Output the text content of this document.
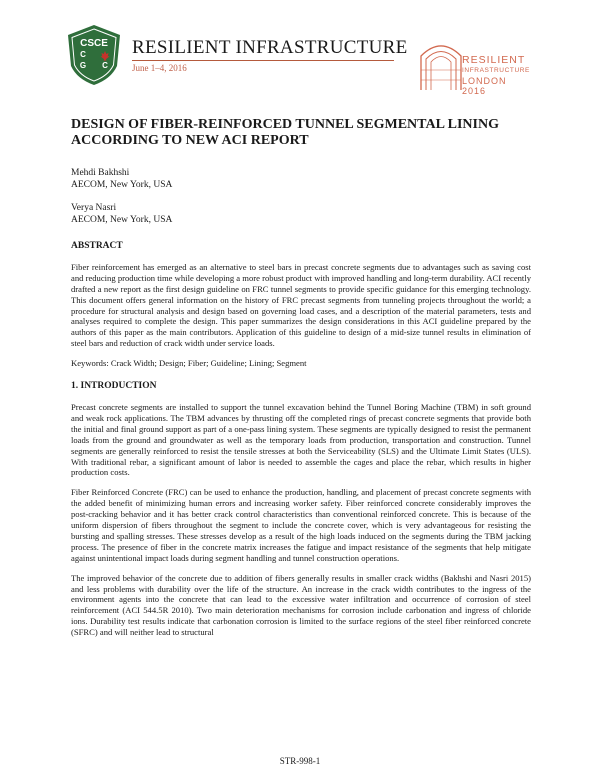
CSCE
C
G C
RESILIENT INFRASTRUCTURE
June 1–4, 2016
RESILIENT
INFRASTRUCTURE
LONDON 2016
DESIGN OF FIBER-REINFORCED TUNNEL SEGMENTAL LINING ACCORDING TO NEW ACI REPORT
Mehdi Bakhshi
AECOM, New York, USA
Verya Nasri
AECOM, New York, USA
ABSTRACT

Fiber reinforcement has emerged as an alternative to steel bars in precast concrete segments due to advantages such as saving cost and reducing production time while developing a more robust product with improved handling and long-term durability. ACI recently drafted a new report as the first design guideline on FRC tunnel segments to provide specific guidance for this emerging technology. This document offers general information on the history of FRC precast segments from tunneling projects throughout the world; a procedure for structural analysis and design based on governing load cases, and a description of the material parameters, tests and analyses required to complete the design. This paper summarizes the design considerations in this ACI guideline prepared by the authors of this paper as the main contributors. Application of this guideline to design of a mid-size tunnel results in elimination of steel bars and reduction of crack width under service loads.

Keywords: Crack Width; Design; Fiber; Guideline; Lining; Segment

1. INTRODUCTION

Precast concrete segments are installed to support the tunnel excavation behind the Tunnel Boring Machine (TBM) in soft ground and weak rock applications. The TBM advances by thrusting off the completed rings of precast concrete segments that provide both the initial and final ground support as part of a one-pass lining system. These segments are typically designed to resist the permanent loads from the ground and groundwater as well as the temporary loads from production, transportation and construction. Tunnel segments are generally reinforced to resist the tensile stresses at both the Serviceability (SLS) and the Ultimate Limit States (ULS). With traditional rebar, a significant amount of labor is needed to assemble the cages and place the rebar, which results in higher production costs.

Fiber Reinforced Concrete (FRC) can be used to enhance the production, handling, and placement of precast concrete segments with the added benefit of minimizing human errors and increasing worker safety. Fiber reinforced concrete considerably improves the post-cracking behavior and it has better crack control characteristics than conventional reinforced concrete. This is because of the uniform dispersion of fibers throughout the segment to include the concrete cover, which is very advantageous for resisting the bursting and spalling stresses. These stresses develop as a result of the high loads induced on the segments during the TBM jacking process. The presence of fiber in the concrete matrix increases the fatigue and impact resistance of the segments that help mitigate against unintentional impact loads during segment handling and tunnel construction operations.

The improved behavior of the concrete due to addition of fibers generally results in smaller crack widths (Bakhshi and Nasri 2015) and less problems with durability over the life of the structure. An increase in the crack width contributes to the ingress of the environment agents into the concrete that can lead to the excessive water infiltration and occurrence of corrosion of steel reinforcement (ACI 544.5R 2010). Two main deterioration mechanisms for corrosion include carbonation and ingress of chloride ions. Durability test results indicate that carbonation corrosion is limited to the surface regions of the steel fiber reinforced concrete (SFRC) and will neither lead to structural

STR-998-1
